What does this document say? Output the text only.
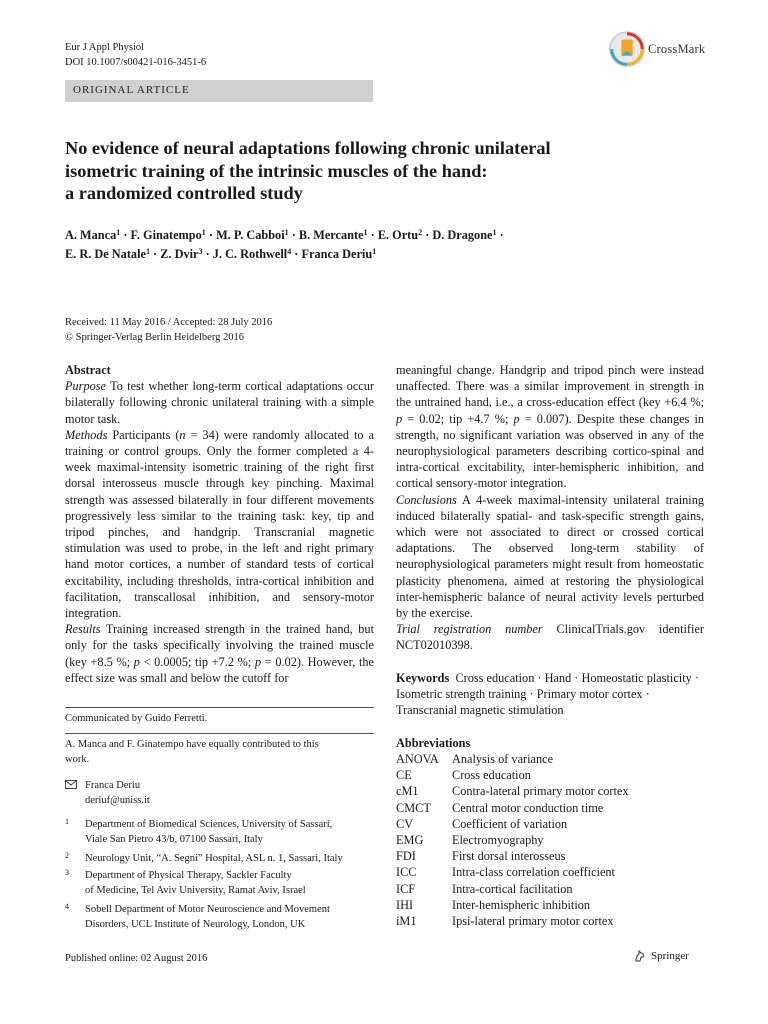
Eur J Appl Physiol
DOI 10.1007/s00421-016-3451-6
CrossMark
ORIGINAL ARTICLE
No evidence of neural adaptations following chronic unilateral
isometric training of the intrinsic muscles of the hand:
a randomized controlled study
A. Manca$^1$ · F. Ginatempo$^1$ · M. P. Cabboi$^1$ · B. Mercante$^1$ · E. Ortu$^2$ · D. Dragone$^1$ ·
E. R. De Natale$^1$ · Z. Dvir$^3$ · J. C. Rothwell$^4$ · Franca Deriu$^1$
Received: 11 May 2016 / Accepted: 28 July 2016
© Springer-Verlag Berlin Heidelberg 2016
Abstract

Purpose To test whether long-term cortical adaptations occur bilaterally following chronic unilateral training with a simple motor task.

Methods Participants (n = 34) were randomly allocated to a training or control groups. Only the former completed a 4-week maximal-intensity isometric training of the right first dorsal interosseus muscle through key pinching. Maximal strength was assessed bilaterally in four different movements progressively less similar to the training task: key, tip and tripod pinches, and handgrip. Transcranial magnetic stimulation was used to probe, in the left and right primary hand motor cortices, a number of standard tests of cortical excitability, including thresholds, intra-cortical inhibition and facilitation, transcallosal inhibition, and sensory-motor integration.

Results Training increased strength in the trained hand, but only for the tasks specifically involving the trained muscle (key +8.5 %; p < 0.0005; tip +7.2 %; p = 0.02). However, the effect size was small and below the cutoff for

meaningful change. Handgrip and tripod pinch were instead unaffected. There was a similar improvement in strength in the untrained hand, i.e., a cross-education effect (key +6.4 %; p = 0.02; tip +4.7 %; p = 0.007). Despite these changes in strength, no significant variation was observed in any of the neurophysiological parameters describing cortico-spinal and intra-cortical excitability, inter-hemispheric inhibition, and cortical sensory-motor integration.

Conclusions A 4-week maximal-intensity unilateral training induced bilaterally spatial- and task-specific strength gains, which were not associated to direct or crossed cortical adaptations. The observed long-term stability of neurophysiological parameters might result from homeostatic plasticity phenomena, aimed at restoring the physiological inter-hemispheric balance of neural activity levels perturbed by the exercise.

Trial registration number ClinicalTrials.gov identifier NCT02010398.

Keywords Cross education · Hand · Homeostatic plasticity · Isometric strength training · Primary motor cortex · Transcranial magnetic stimulation
Communicated by Guido Ferretti.
A. Manca and F. Ginatempo have equally contributed to this work.
Franca Deriu
deriuf@uniss.it
1 Department of Biomedical Sciences, University of Sassari,
Viale San Pietro 43/b, 07100 Sassari, Italy
2 Neurology Unit, “A. Segni” Hospital, ASL n. 1, Sassari, Italy
3 Department of Physical Therapy, Sackler Faculty
of Medicine, Tel Aviv University, Ramat Aviv, Israel
4 Sobell Department of Motor Neuroscience and Movement
Disorders, UCL Institute of Neurology, London, UK
Abbreviations
ANOVA	Analysis of variance
CE	Cross education
cM1	Contra-lateral primary motor cortex
CMCT	Central motor conduction time
CV	Coefficient of variation
EMG	Electromyography
FDI	First dorsal interosseus
ICC	Intra-class correlation coefficient
ICF	Intra-cortical facilitation
IHI	Inter-hemispheric inhibition
iM1	Ipsi-lateral primary motor cortex
Published online: 02 August 2016	Springer
